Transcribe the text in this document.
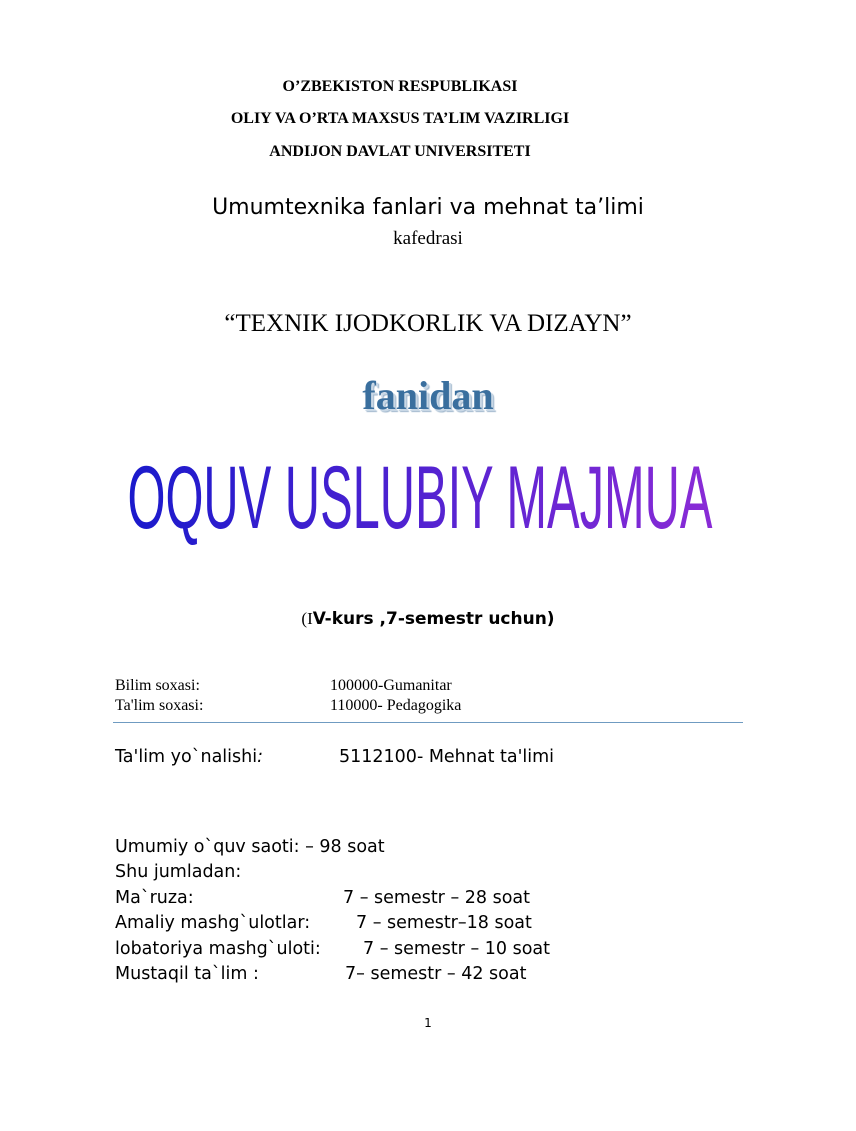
O’ZBEKISTON RESPUBLIKASI
OLIY VA O’RTA MAXSUS TA’LIM VAZIRLIGI
ANDIJON DAVLAT UNIVERSITETI
Umumtexnika fanlari va mehnat ta’limi
kafedrasi
“TEXNIK IJODKORLIK VA DIZAYN”
fanidan
OQUV USLUBIY MAJMUA
(IV-kurs ,7-semestr uchun)
Bilim soxasi:	100000-Gumanitar
Ta'lim soxasi:	110000- Pedagogika
Ta'lim yo`nalishi:	5112100- Mehnat ta'limi
Umumiy o`quv saoti: – 98 soat
Shu jumladan:
Ma`ruza:	7 – semestr – 28 soat
Amaliy mashg`ulotlar:	7 – semestr–18 soat
lobatoriya mashg`uloti: 7 – semestr – 10 soat
Mustaqil ta`lim :	7– semestr – 42 soat
1
